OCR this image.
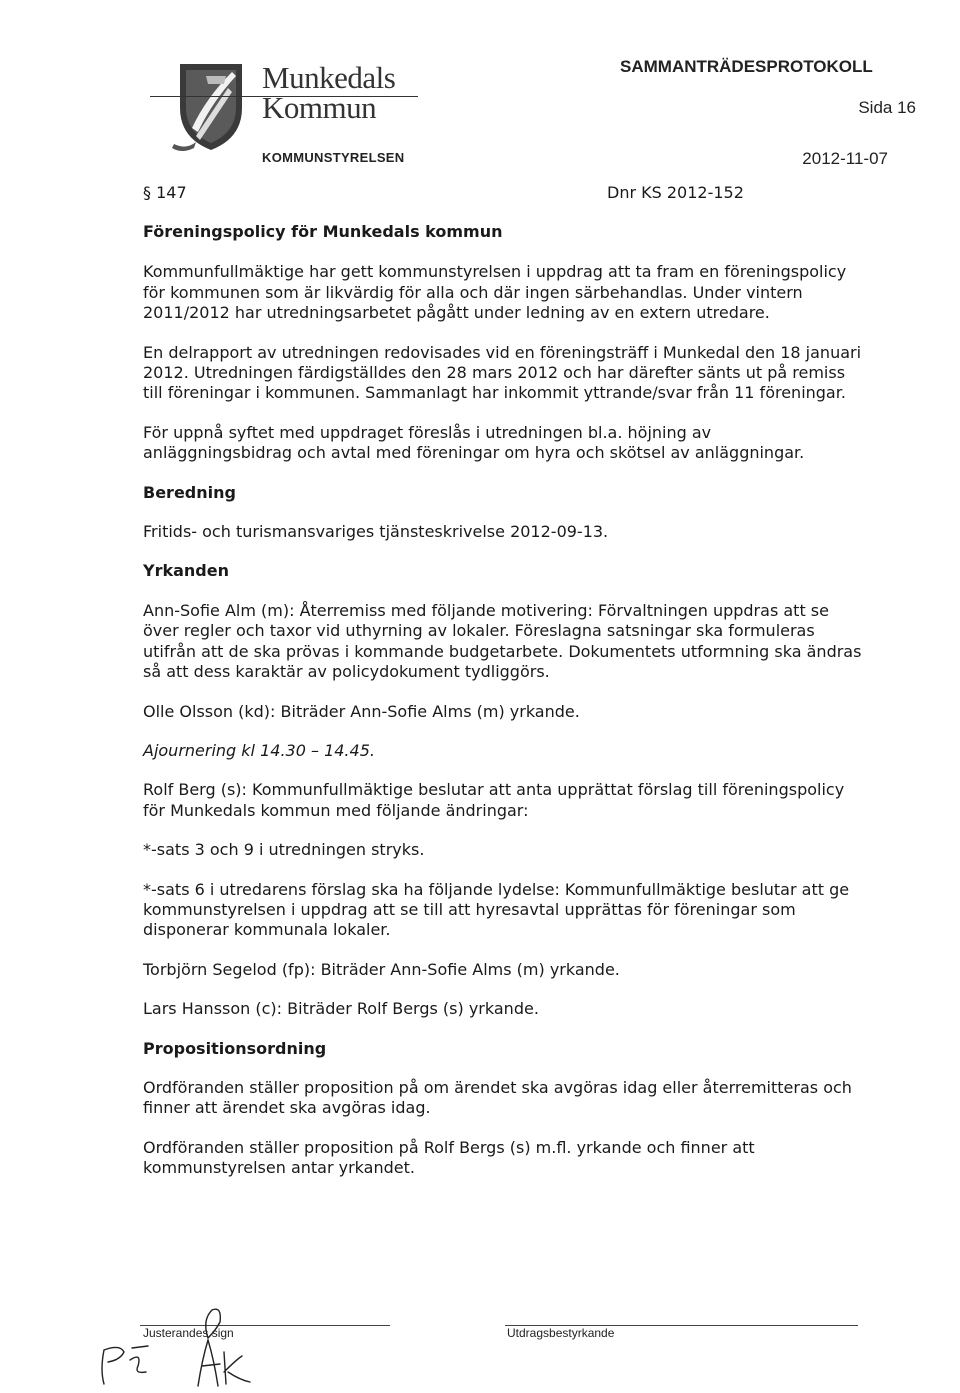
Munkedals
Kommun
SAMMANTRÄDESPROTOKOLL
Sida 16
KOMMUNSTYRELSEN	2012-11-07
§ 147	Dnr KS 2012-152

Föreningspolicy för Munkedals kommun

Kommunfullmäktige har gett kommunstyrelsen i uppdrag att ta fram en föreningspolicy för kommunen som är likvärdig för alla och där ingen särbehandlas. Under vintern 2011/2012 har utredningsarbetet pågått under ledning av en extern utredare.

En delrapport av utredningen redovisades vid en föreningsträff i Munkedal den 18 januari 2012. Utredningen färdigställdes den 28 mars 2012 och har därefter sänts ut på remiss till föreningar i kommunen. Sammanlagt har inkommit yttrande/svar från 11 föreningar.

För uppnå syftet med uppdraget föreslås i utredningen bl.a. höjning av anläggningsbidrag och avtal med föreningar om hyra och skötsel av anläggningar.

Beredning

Fritids- och turismansvariges tjänsteskrivelse 2012-09-13.

Yrkanden

Ann-Sofie Alm (m): Återremiss med följande motivering: Förvaltningen uppdras att se över regler och taxor vid uthyrning av lokaler. Föreslagna satsningar ska formuleras utifrån att de ska prövas i kommande budgetarbete. Dokumentets utformning ska ändras så att dess karaktär av policydokument tydliggörs.

Olle Olsson (kd): Biträder Ann-Sofie Alms (m) yrkande.

Ajournering kl 14.30 – 14.45.

Rolf Berg (s): Kommunfullmäktige beslutar att anta upprättat förslag till föreningspolicy för Munkedals kommun med följande ändringar:

*-sats 3 och 9 i utredningen stryks.

*-sats 6 i utredarens förslag ska ha följande lydelse: Kommunfullmäktige beslutar att ge kommunstyrelsen i uppdrag att se till att hyresavtal upprättas för föreningar som disponerar kommunala lokaler.

Torbjörn Segelod (fp): Biträder Ann-Sofie Alms (m) yrkande.

Lars Hansson (c): Biträder Rolf Bergs (s) yrkande.

Propositionsordning

Ordföranden ställer proposition på om ärendet ska avgöras idag eller återremitteras och finner att ärendet ska avgöras idag.

Ordföranden ställer proposition på Rolf Bergs (s) m.fl. yrkande och finner att kommunstyrelsen antar yrkandet.

Justerandes sign	Utdragsbestyrkande
